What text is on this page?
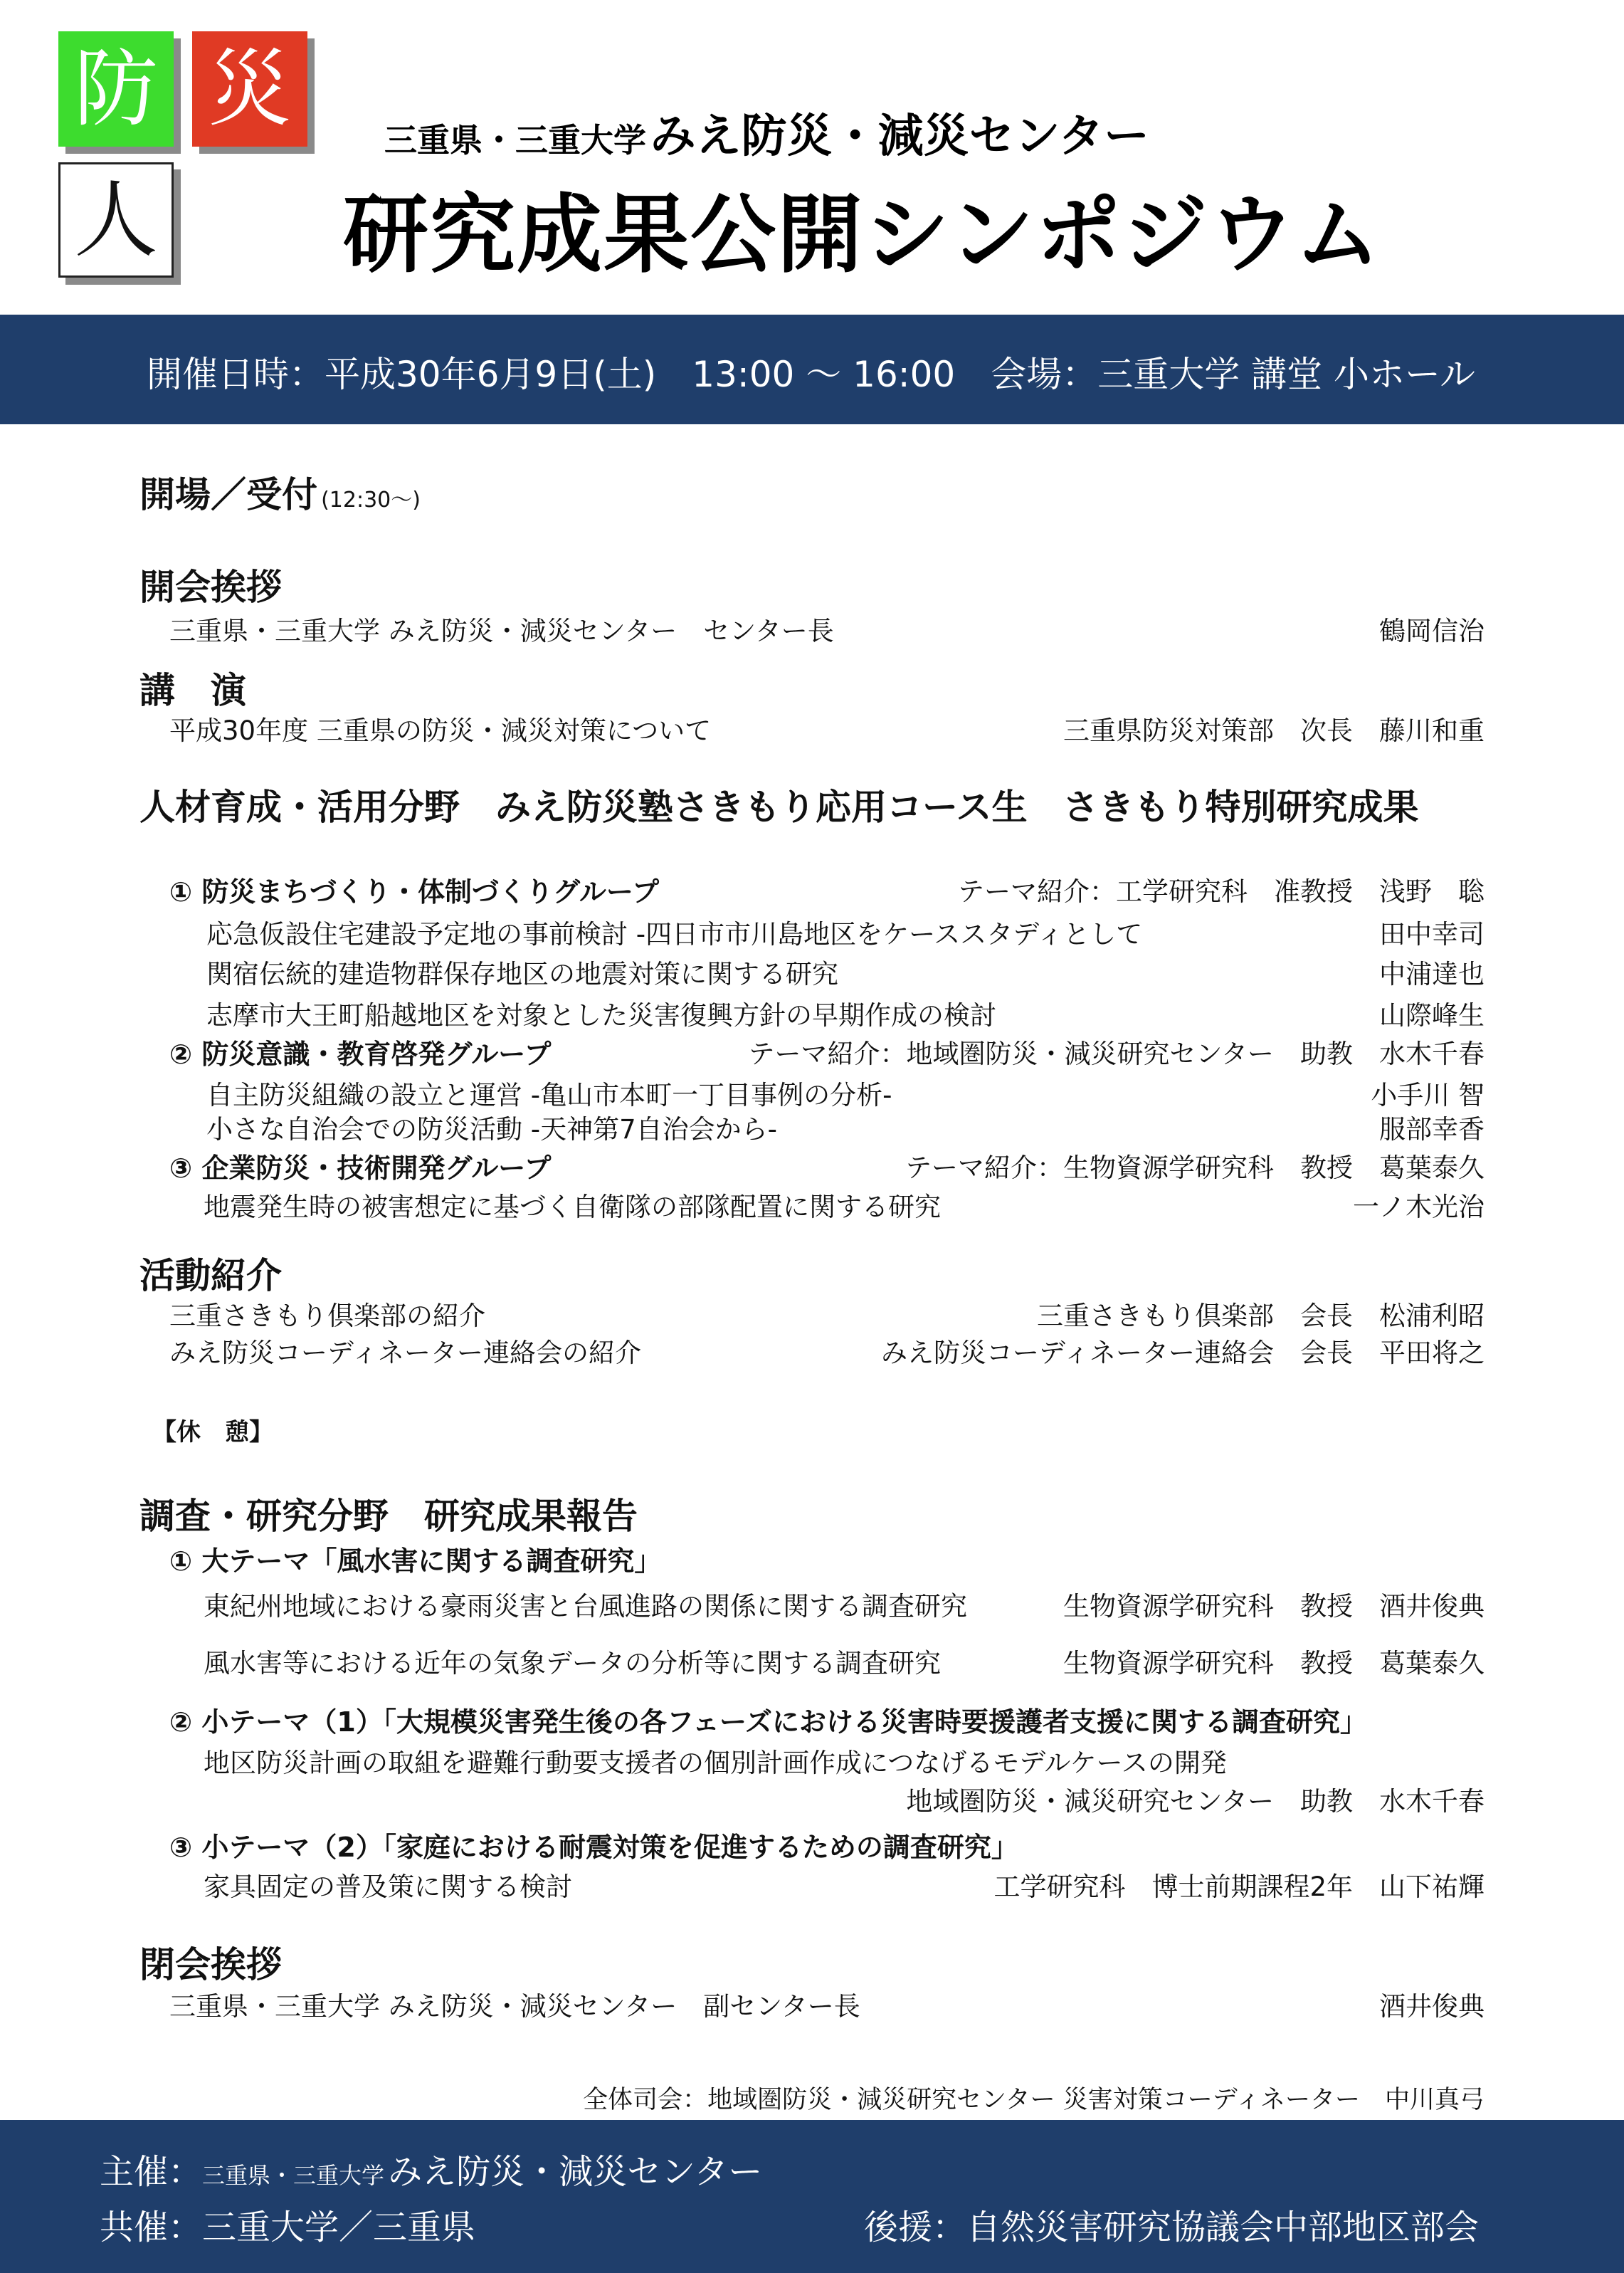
防 災
人
三重県・三重大学 みえ防災・減災センター
研究成果公開シンポジウム
開催日時：平成30年6月9日(土)　13:00 〜 16:00　会場：三重大学 講堂 小ホール
開場／受付 (12:30〜)
開会挨拶
三重県・三重大学 みえ防災・減災センター　センター長	鶴岡信治
講　演
平成30年度 三重県の防災・減災対策について	三重県防災対策部　次長　藤川和重
人材育成・活用分野　みえ防災塾さきもり応用コース生　さきもり特別研究成果
① 防災まちづくり・体制づくりグループ	テーマ紹介：工学研究科　准教授　浅野　聡
応急仮設住宅建設予定地の事前検討 -四日市市川島地区をケーススタディとして	田中幸司
関宿伝統的建造物群保存地区の地震対策に関する研究	中浦達也
志摩市大王町船越地区を対象とした災害復興方針の早期作成の検討	山際峰生
② 防災意識・教育啓発グループ	テーマ紹介：地域圏防災・減災研究センター　助教　水木千春
自主防災組織の設立と運営 -亀山市本町一丁目事例の分析-	小手川 智
小さな自治会での防災活動 -天神第7自治会から-	服部幸香
③ 企業防災・技術開発グループ	テーマ紹介：生物資源学研究科　教授　葛葉泰久
地震発生時の被害想定に基づく自衛隊の部隊配置に関する研究	一ノ木光治
活動紹介
三重さきもり倶楽部の紹介	三重さきもり倶楽部　会長　松浦利昭
みえ防災コーディネーター連絡会の紹介	みえ防災コーディネーター連絡会　会長　平田将之
【休　憩】
調査・研究分野　研究成果報告
① 大テーマ「風水害に関する調査研究」
東紀州地域における豪雨災害と台風進路の関係に関する調査研究	生物資源学研究科　教授　酒井俊典
風水害等における近年の気象データの分析等に関する調査研究	生物資源学研究科　教授　葛葉泰久
② 小テーマ（1）「大規模災害発生後の各フェーズにおける災害時要援護者支援に関する調査研究」
地区防災計画の取組を避難行動要支援者の個別計画作成につなげるモデルケースの開発
地域圏防災・減災研究センター　助教　水木千春
③ 小テーマ（2）「家庭における耐震対策を促進するための調査研究」
家具固定の普及策に関する検討	工学研究科　博士前期課程2年　山下祐輝
閉会挨拶
三重県・三重大学 みえ防災・減災センター　副センター長	酒井俊典
全体司会：地域圏防災・減災研究センター 災害対策コーディネーター　中川真弓
主催：三重県・三重大学 みえ防災・減災センター
共催：三重大学／三重県	後援：自然災害研究協議会中部地区部会
